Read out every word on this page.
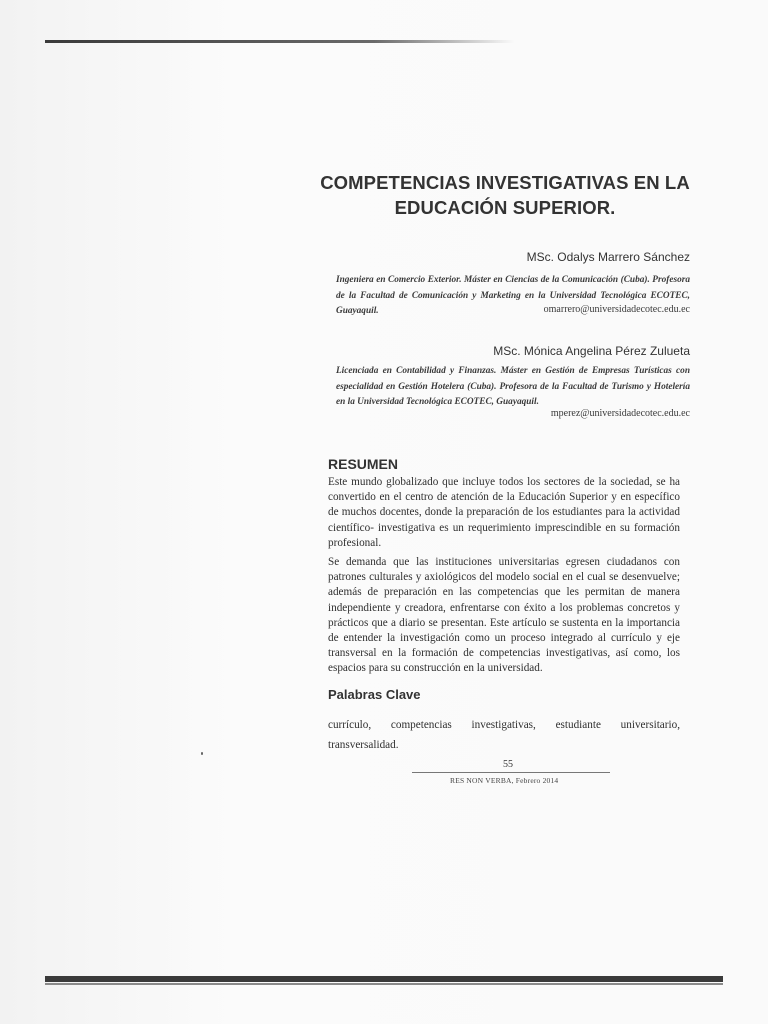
COMPETENCIAS INVESTIGATIVAS EN LA
EDUCACIÓN SUPERIOR.

MSc. Odalys Marrero Sánchez

Ingeniera en Comercio Exterior. Máster en Ciencias de la Comunicación (Cuba). Profesora de la Facultad de Comunicación y Marketing en la Universidad Tecnológica ECOTEC, Guayaquil.	omarrero@universidadecotec.edu.ec

MSc. Mónica Angelina Pérez Zulueta

Licenciada en Contabilidad y Finanzas. Máster en Gestión de Empresas Turísticas con especialidad en Gestión Hotelera (Cuba). Profesora de la Facultad de Turismo y Hotelería en la Universidad Tecnológica ECOTEC, Guayaquil.

mperez@universidadecotec.edu.ec

RESUMEN

Este mundo globalizado que incluye todos los sectores de la sociedad, se ha convertido en el centro de atención de la Educación Superior y en específico de muchos docentes, donde la preparación de los estudiantes para la actividad científico- investigativa es un requerimiento imprescindible en su formación profesional.

Se demanda que las instituciones universitarias egresen ciudadanos con patrones culturales y axiológicos del modelo social en el cual se desenvuelve; además de preparación en las competencias que les permitan de manera independiente y creadora, enfrentarse con éxito a los problemas concretos y prácticos que a diario se presentan. Este artículo se sustenta en la importancia de entender la investigación como un proceso integrado al currículo y eje transversal en la formación de competencias investigativas, así como, los espacios para su construcción en la universidad.

Palabras Clave

currículo, competencias investigativas, estudiante universitario, transversalidad.

55

RES NON VERBA, Febrero 2014
